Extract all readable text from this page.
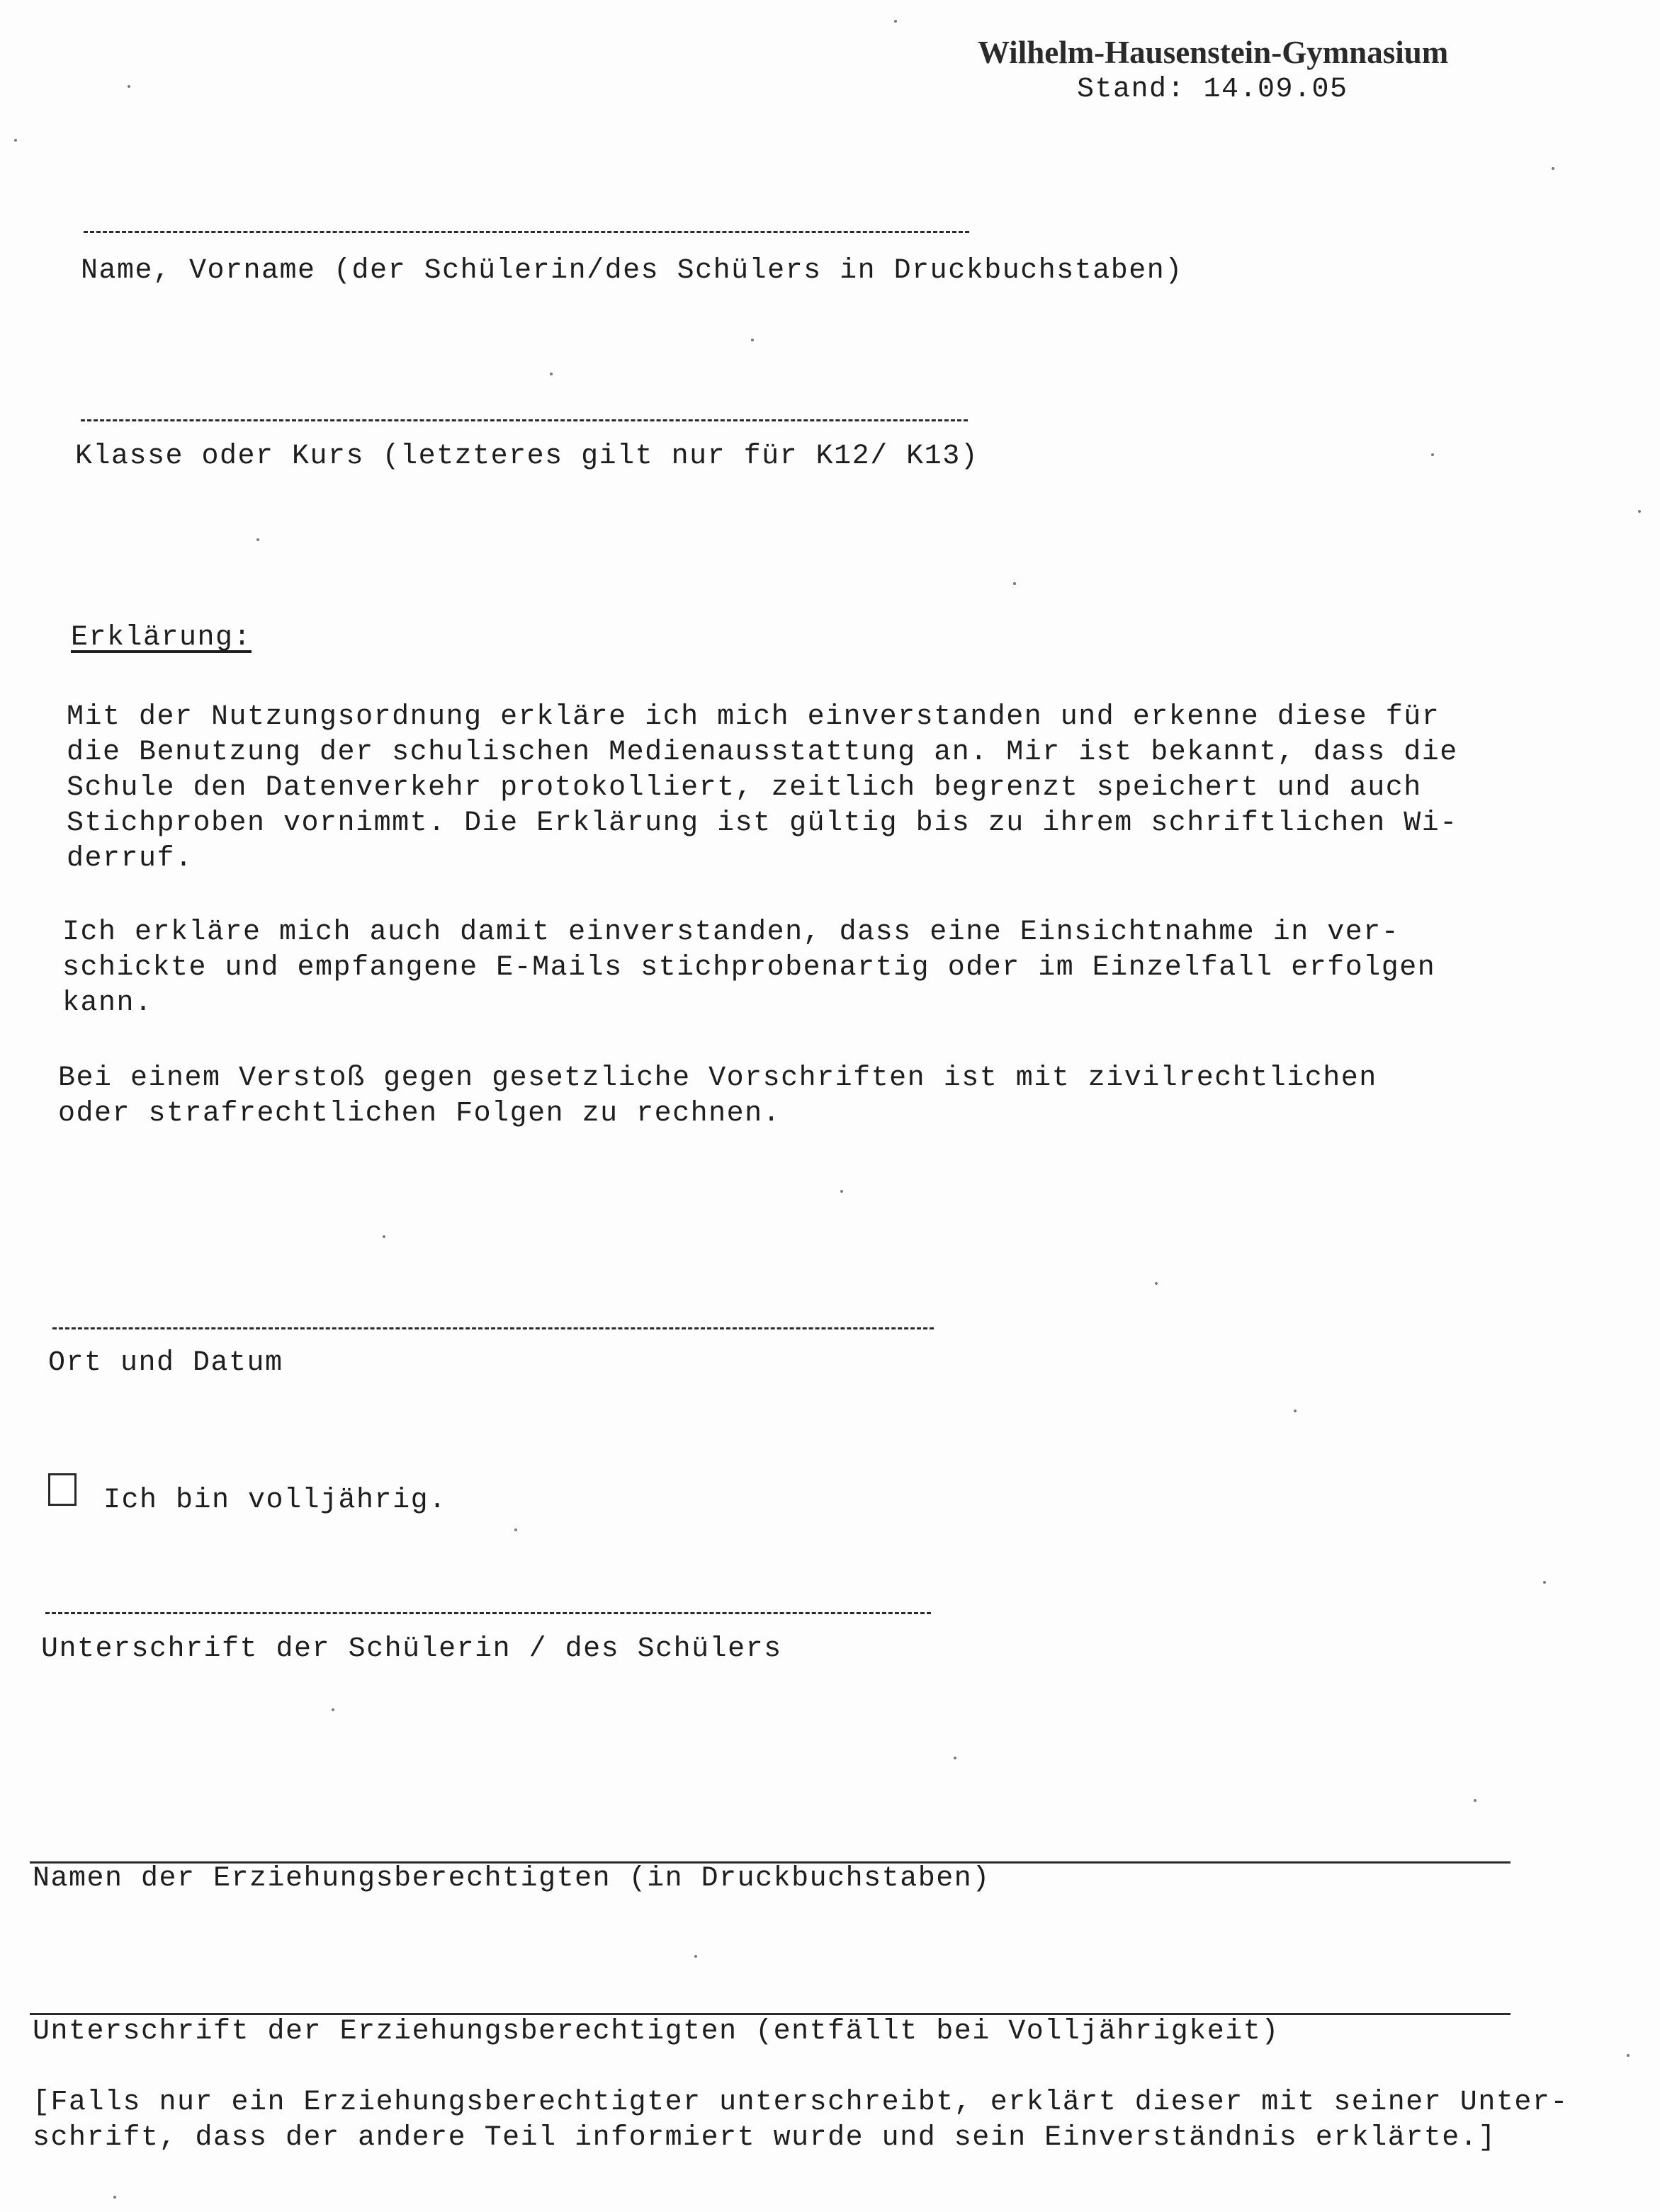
Wilhelm-Hausenstein-Gymnasium
Stand: 14.09.05
Name, Vorname (der Schülerin/des Schülers in Druckbuchstaben)
Klasse oder Kurs (letzteres gilt nur für K12/ K13)
Erklärung:
Mit der Nutzungsordnung erkläre ich mich einverstanden und erkenne diese für
die Benutzung der schulischen Medienausstattung an. Mir ist bekannt, dass die
Schule den Datenverkehr protokolliert, zeitlich begrenzt speichert und auch
Stichproben vornimmt. Die Erklärung ist gültig bis zu ihrem schriftlichen Wi-
derruf.
Ich erkläre mich auch damit einverstanden, dass eine Einsichtnahme in ver-
schickte und empfangene E-Mails stichprobenartig oder im Einzelfall erfolgen
kann.
Bei einem Verstoß gegen gesetzliche Vorschriften ist mit zivilrechtlichen
oder strafrechtlichen Folgen zu rechnen.
Ort und Datum
Ich bin volljährig.
Unterschrift der Schülerin / des Schülers
Namen der Erziehungsberechtigten (in Druckbuchstaben)
Unterschrift der Erziehungsberechtigten (entfällt bei Volljährigkeit)
[Falls nur ein Erziehungsberechtigter unterschreibt, erklärt dieser mit seiner Unter-
schrift, dass der andere Teil informiert wurde und sein Einverständnis erklärte.]
